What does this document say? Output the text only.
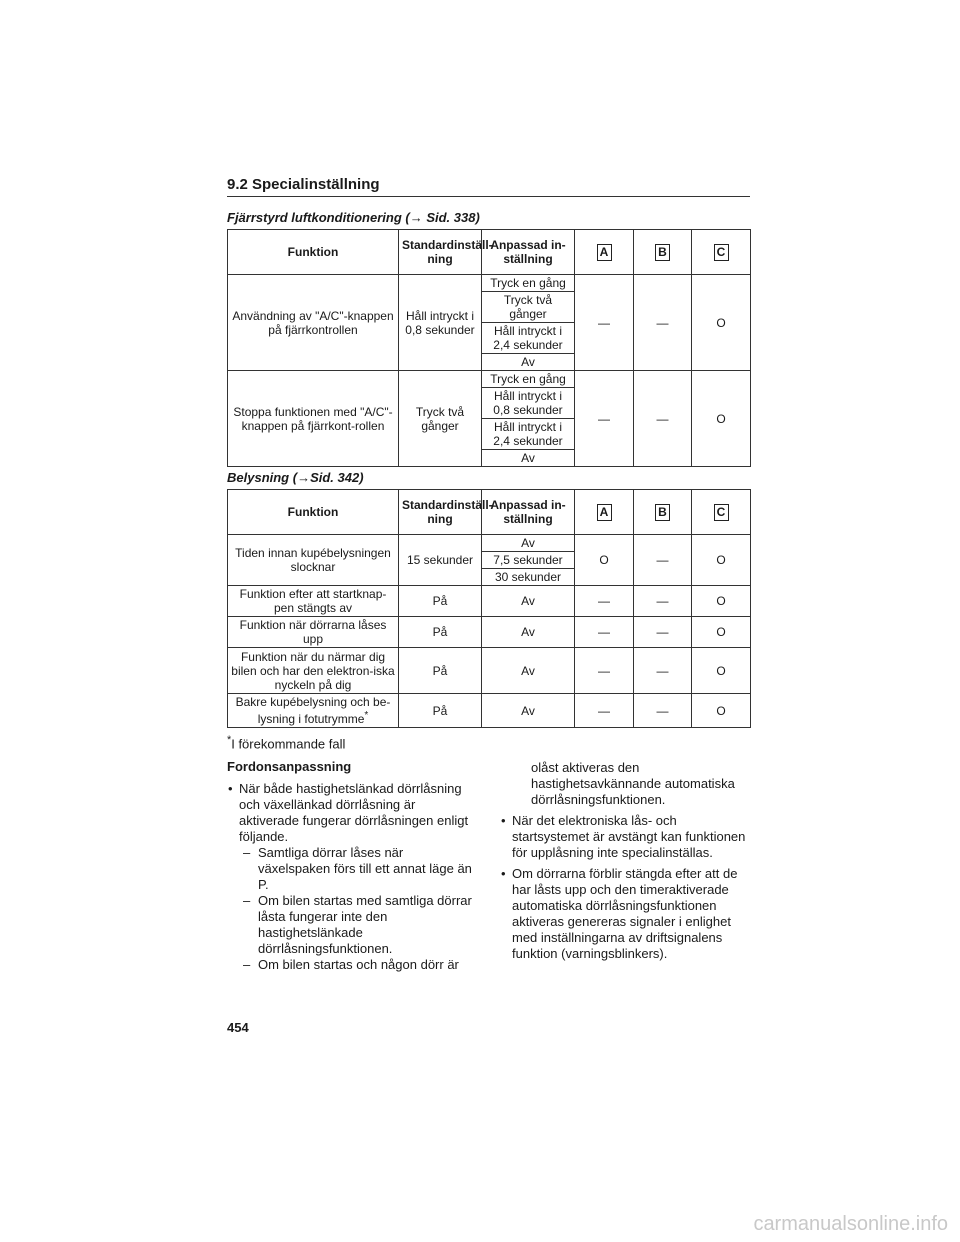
9.2 Specialinställning
Fjärrstyrd luftkonditionering (→ Sid. 338)
Funktion	Standardinställ-ning	Anpassad in-ställning	A	B	C
Användning av "A/C"-knappen på fjärrkontrollen	Håll intryckt i 0,8 sekunder	Tryck en gång	—	—	O
		Tryck två gånger			
		Håll intryckt i 2,4 sekunder			
		Av			
Stoppa funktionen med "A/C"-knappen på fjärrkont-rollen	Tryck två gånger	Tryck en gång	—	—	O
		Håll intryckt i 0,8 sekunder			
		Håll intryckt i 2,4 sekunder			
		Av			
Belysning (→Sid. 342)
Funktion	Standardinställ-ning	Anpassad in-ställning	A	B	C
Tiden innan kupébelysningen slocknar	15 sekunder	Av	O	—	O
		7,5 sekunder			
		30 sekunder			
Funktion efter att startknap-pen stängts av	På	Av	—	—	O
Funktion när dörrarna låses upp	På	Av	—	—	O
Funktion när du närmar dig bilen och har den elektron-iska nyckeln på dig	På	Av	—	—	O
Bakre kupébelysning och be-lysning i fotutrymme*	På	Av	—	—	O
*I förekommande fall
Fordonsanpassning
• När både hastighetslänkad dörrlåsning och växellänkad dörrlåsning är aktiverade fungerar dörrlåsningen enligt följande.
– Samtliga dörrar låses när växelspaken förs till ett annat läge än P.
– Om bilen startas med samtliga dörrar låsta fungerar inte den hastighetslänkade dörrlåsningsfunktionen.
– Om bilen startas och någon dörr är
olåst aktiveras den hastighetsavkännande automatiska dörrlåsningsfunktionen.
• När det elektroniska lås- och startsystemet är avstängt kan funktionen för upplåsning inte specialinställas.
• Om dörrarna förblir stängda efter att de har låsts upp och den timeraktiverade automatiska dörrlåsningsfunktionen aktiveras genereras signaler i enlighet med inställningarna av driftsignalens funktion (varningsblinkers).
454
carmanualsonline.info
